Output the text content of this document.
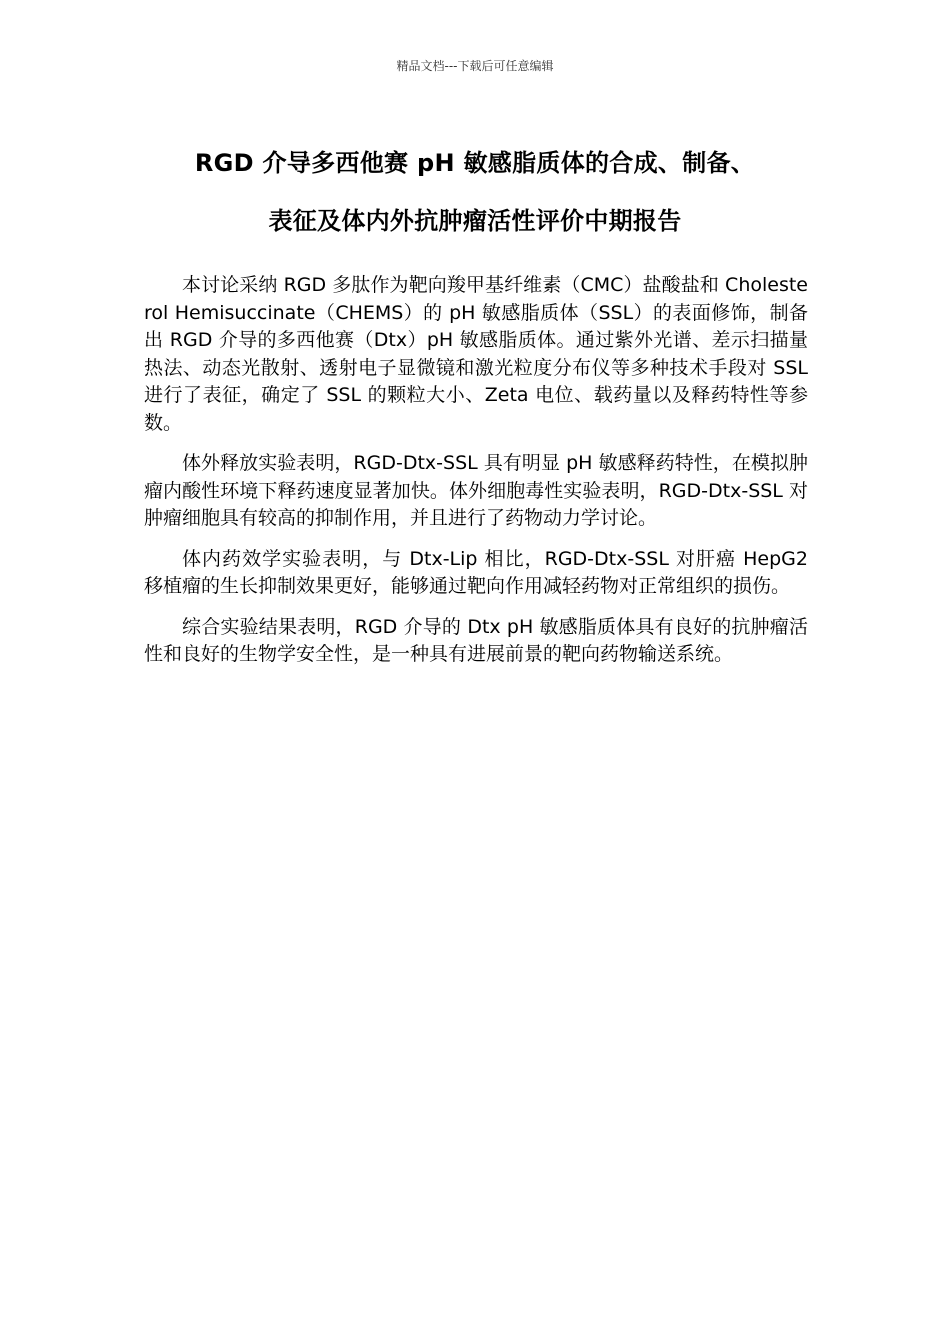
精品文档---下载后可任意编辑
RGD 介导多西他赛 pH 敏感脂质体的合成、制备、
表征及体内外抗肿瘤活性评价中期报告

本讨论采纳 RGD 多肽作为靶向羧甲基纤维素（CMC）盐酸盐和 Cholesterol Hemisuccinate（CHEMS）的 pH 敏感脂质体（SSL）的表面修饰，制备出 RGD 介导的多西他赛（Dtx）pH 敏感脂质体。通过紫外光谱、差示扫描量热法、动态光散射、透射电子显微镜和激光粒度分布仪等多种技术手段对 SSL 进行了表征，确定了 SSL 的颗粒大小、Zeta 电位、载药量以及释药特性等参数。

体外释放实验表明，RGD-Dtx-SSL 具有明显 pH 敏感释药特性，在模拟肿瘤内酸性环境下释药速度显著加快。体外细胞毒性实验表明，RGD-Dtx-SSL 对肿瘤细胞具有较高的抑制作用，并且进行了药物动力学讨论。

体内药效学实验表明，与 Dtx-Lip 相比，RGD-Dtx-SSL 对肝癌 HepG2 移植瘤的生长抑制效果更好，能够通过靶向作用减轻药物对正常组织的损伤。

综合实验结果表明，RGD 介导的 Dtx pH 敏感脂质体具有良好的抗肿瘤活性和良好的生物学安全性，是一种具有进展前景的靶向药物输送系统。
